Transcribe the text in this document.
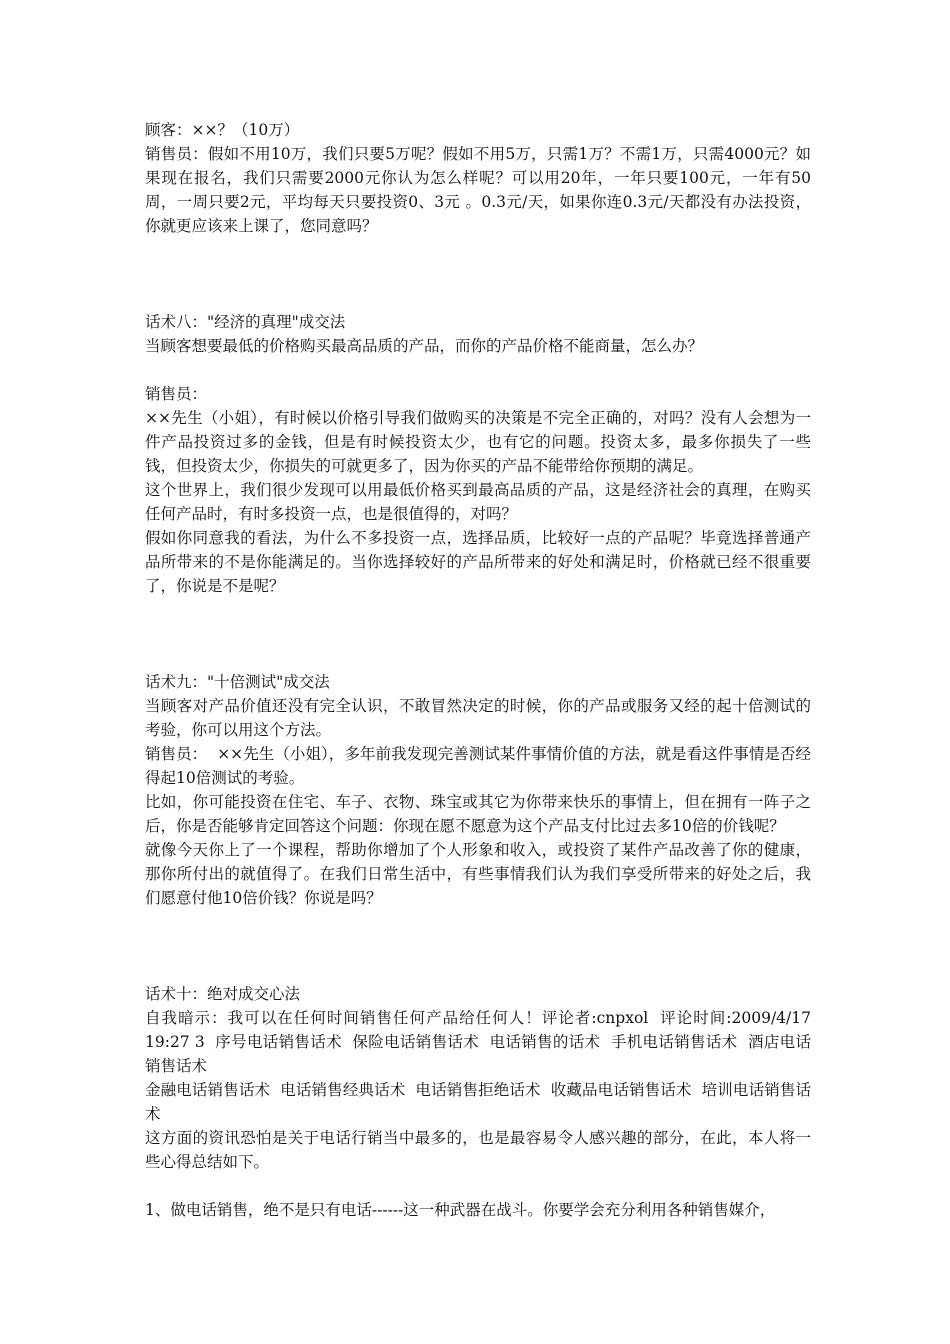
顾客：××？（10万）

销售员：假如不用10万，我们只要5万呢？假如不用5万，只需1万？不需1万，只需4000元？如果现在报名，我们只需要2000元你认为怎么样呢？可以用20年，一年只要100元，一年有50周，一周只要2元，平均每天只要投资0、3元 。0.3元/天，如果你连0.3元/天都没有办法投资，你就更应该来上课了，您同意吗？

话术八："经济的真理"成交法

当顾客想要最低的价格购买最高品质的产品，而你的产品价格不能商量，怎么办？

销售员：

××先生（小姐），有时候以价格引导我们做购买的决策是不完全正确的，对吗？没有人会想为一件产品投资过多的金钱，但是有时候投资太少，也有它的问题。投资太多，最多你损失了一些钱，但投资太少，你损失的可就更多了，因为你买的产品不能带给你预期的满足。

这个世界上，我们很少发现可以用最低价格买到最高品质的产品，这是经济社会的真理，在购买任何产品时，有时多投资一点，也是很值得的，对吗？

假如你同意我的看法，为什么不多投资一点，选择品质，比较好一点的产品呢？毕竟选择普通产品所带来的不是你能满足的。当你选择较好的产品所带来的好处和满足时，价格就已经不很重要了，你说是不是呢？

话术九："十倍测试"成交法

当顾客对产品价值还没有完全认识，不敢冒然决定的时候，你的产品或服务又经的起十倍测试的考验，你可以用这个方法。

销售员：  ××先生（小姐），多年前我发现完善测试某件事情价值的方法，就是看这件事情是否经得起10倍测试的考验。

比如，你可能投资在住宅、车子、衣物、珠宝或其它为你带来快乐的事情上，但在拥有一阵子之后，你是否能够肯定回答这个问题：你现在愿不愿意为这个产品支付比过去多10倍的价钱呢？

就像今天你上了一个课程，帮助你增加了个人形象和收入，或投资了某件产品改善了你的健康，那你所付出的就值得了。在我们日常生活中，有些事情我们认为我们享受所带来的好处之后，我们愿意付他10倍价钱？你说是吗？

话术十：绝对成交心法

自我暗示：我可以在任何时间销售任何产品给任何人！评论者:cnpxol  评论时间:2009/4/17 19:27 3  序号电话销售话术  保险电话销售话术  电话销售的话术  手机电话销售话术  酒店电话销售话术

金融电话销售话术  电话销售经典话术  电话销售拒绝话术  收藏品电话销售话术  培训电话销售话术

这方面的资讯恐怕是关于电话行销当中最多的，也是最容易令人感兴趣的部分，在此，本人将一些心得总结如下。

1、做电话销售，绝不是只有电话------这一种武器在战斗。你要学会充分利用各种销售媒介，
